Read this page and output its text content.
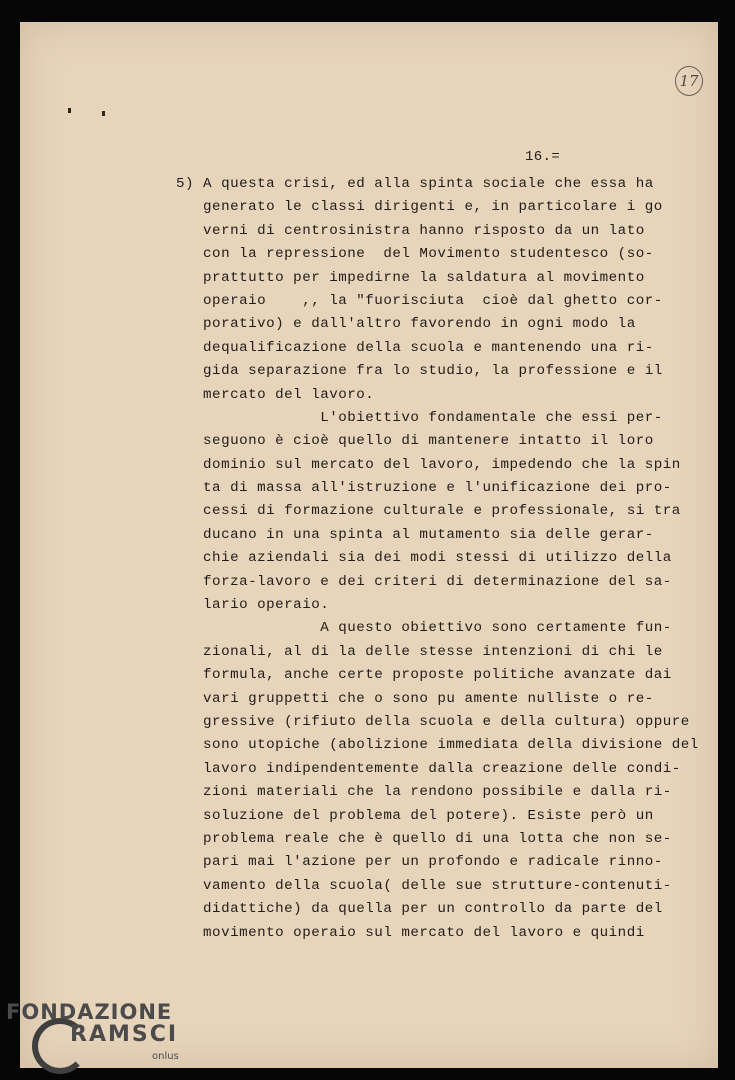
17
16.=
5) A questa crisi, ed alla spinta sociale che essa ha
generato le classi dirigenti e, in particolare i go
verni di centrosinistra hanno risposto da un lato
con la repressione  del Movimento studentesco (so-
prattutto per impedirne la saldatura al movimento
operaio    ,, la "fuorisciuta  cioè dal ghetto cor-
porativo) e dall'altro favorendo in ogni modo la
dequalificazione della scuola e mantenendo una ri-
gida separazione fra lo studio, la professione e il
mercato del lavoro.
L'obiettivo fondamentale che essi per-
seguono è cioè quello di mantenere intatto il loro
dominio sul mercato del lavoro, impedendo che la spin
ta di massa all'istruzione e l'unificazione dei pro-
cessi di formazione culturale e professionale, si tra
ducano in una spinta al mutamento sia delle gerar-
chie aziendali sia dei modi stessi di utilizzo della
forza-lavoro e dei criteri di determinazione del sa-
lario operaio.
A questo obiettivo sono certamente fun-
zionali, al di la delle stesse intenzioni di chi le
formula, anche certe proposte politiche avanzate dai
vari gruppetti che o sono pu amente nulliste o re-
gressive (rifiuto della scuola e della cultura) oppure
sono utopiche (abolizione immediata della divisione del
lavoro indipendentemente dalla creazione delle condi-
zioni materiali che la rendono possibile e dalla ri-
soluzione del problema del potere). Esiste però un
problema reale che è quello di una lotta che non se-
pari mai l'azione per un profondo e radicale rinno-
vamento della scuola( delle sue strutture-contenuti-
didattiche) da quella per un controllo da parte del
movimento operaio sul mercato del lavoro e quindi
FONDAZIONE
RAMSCI
onlus
